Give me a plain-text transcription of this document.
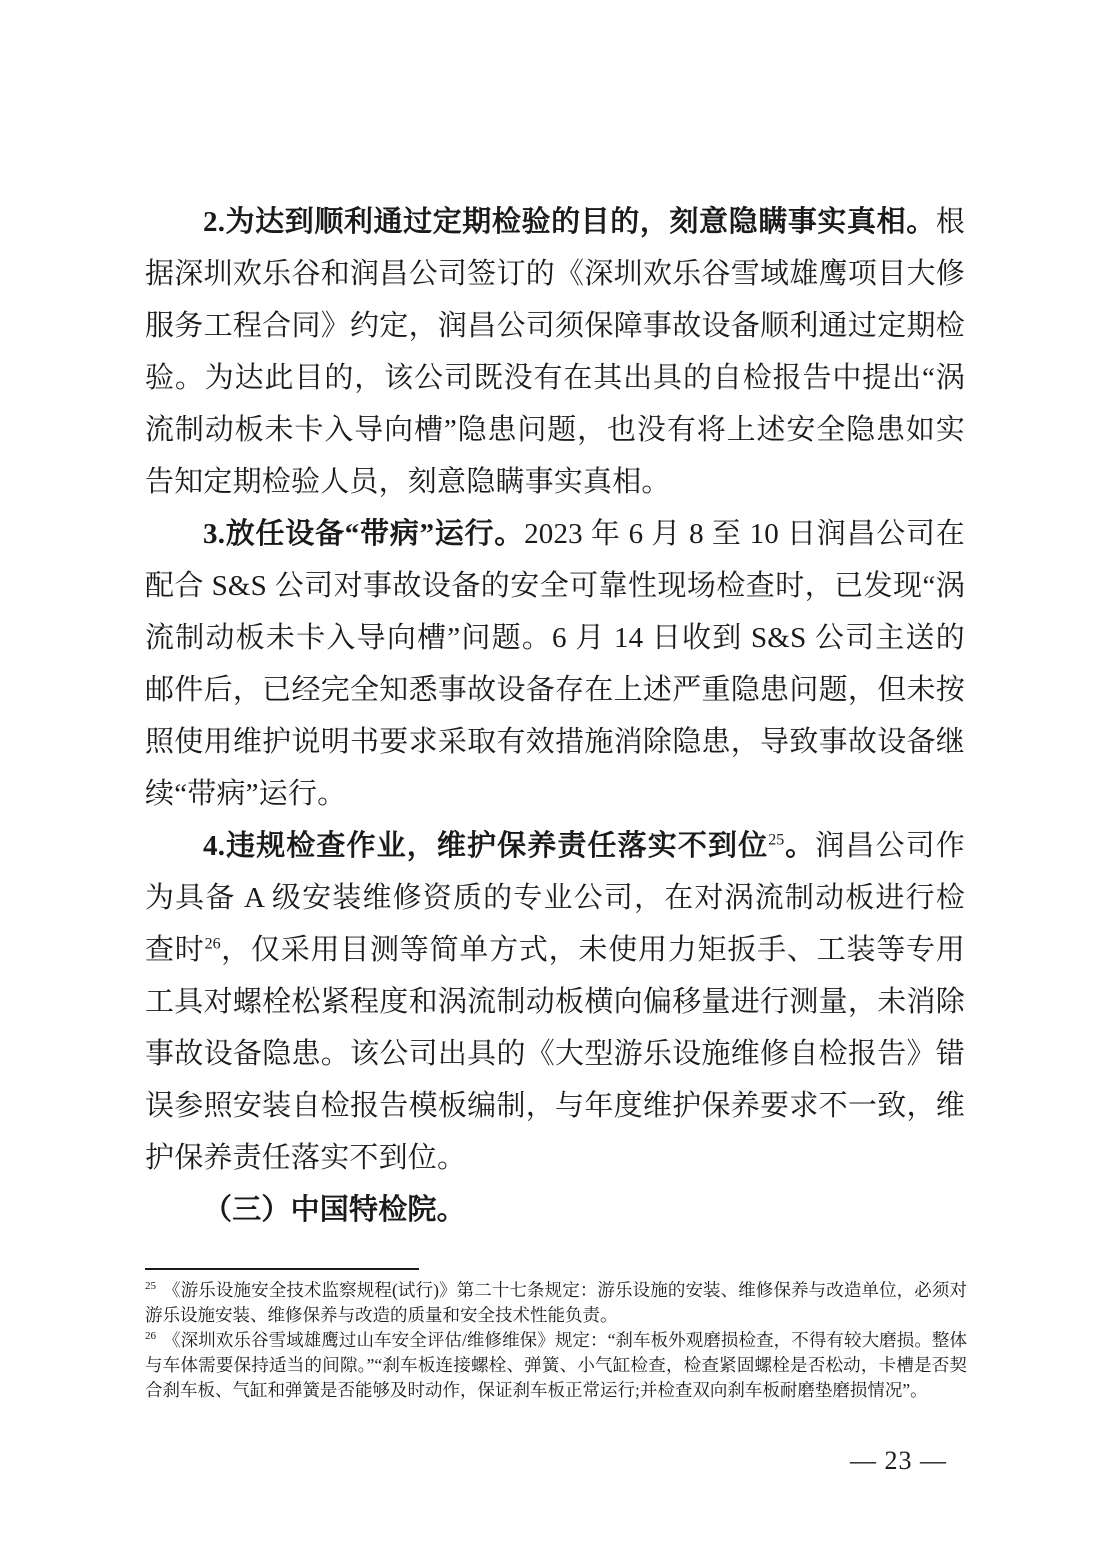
2.为达到顺利通过定期检验的目的，刻意隐瞒事实真相。根据深圳欢乐谷和润昌公司签订的《深圳欢乐谷雪域雄鹰项目大修服务工程合同》约定，润昌公司须保障事故设备顺利通过定期检验。为达此目的，该公司既没有在其出具的自检报告中提出“涡流制动板未卡入导向槽”隐患问题，也没有将上述安全隐患如实告知定期检验人员，刻意隐瞒事实真相。

3.放任设备“带病”运行。2023 年 6 月 8 至 10 日润昌公司在配合 S&S 公司对事故设备的安全可靠性现场检查时，已发现“涡流制动板未卡入导向槽”问题。6 月 14 日收到 S&S 公司主送的邮件后，已经完全知悉事故设备存在上述严重隐患问题，但未按照使用维护说明书要求采取有效措施消除隐患，导致事故设备继续“带病”运行。

4.违规检查作业，维护保养责任落实不到位$^{25}$。润昌公司作为具备 A 级安装维修资质的专业公司，在对涡流制动板进行检查时$^{26}$，仅采用目测等简单方式，未使用力矩扳手、工装等专用工具对螺栓松紧程度和涡流制动板横向偏移量进行测量，未消除事故设备隐患。该公司出具的《大型游乐设施维修自检报告》错误参照安装自检报告模板编制，与年度维护保养要求不一致，维护保养责任落实不到位。

（三）中国特检院。

$^{25}$ 《游乐设施安全技术监察规程(试行)》第二十七条规定：游乐设施的安装、维修保养与改造单位，必须对游乐设施安装、维修保养与改造的质量和安全技术性能负责。

$^{26}$ 《深圳欢乐谷雪域雄鹰过山车安全评估/维修维保》规定：“刹车板外观磨损检查，不得有较大磨损。整体与车体需要保持适当的间隙。”“刹车板连接螺栓、弹簧、小气缸检查，检查紧固螺栓是否松动，卡槽是否契合刹车板、气缸和弹簧是否能够及时动作，保证刹车板正常运行;并检查双向刹车板耐磨垫磨损情况”。

— 23 —
